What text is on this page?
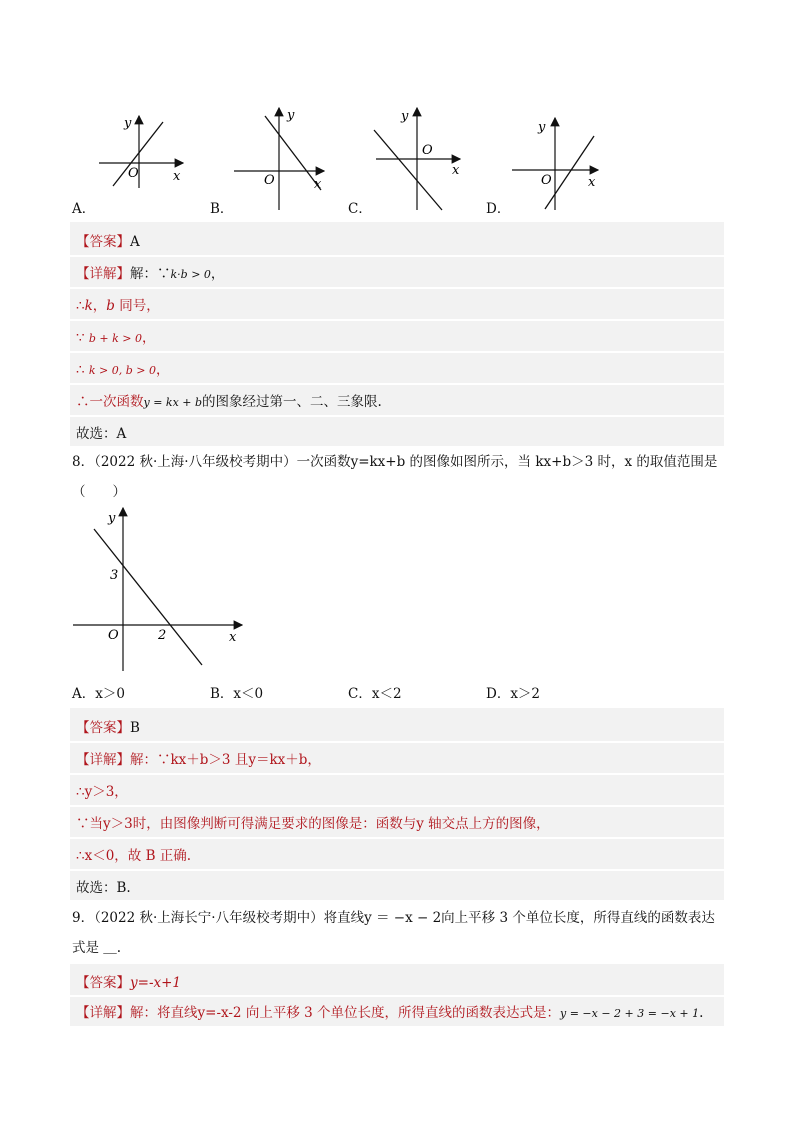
y
x
O
A．
y
x
O
B．
y
x
O
C．
y
x
O
D．
【答案】A
【详解】解：∵k·b > 0，
∴k，b 同号，
∵ b + k > 0，
∴ k > 0, b > 0，
∴一次函数y = kx + b的图象经过第一、二、三象限.
故选：A
8．（2022 秋·上海·八年级校考期中）一次函数y=kx+b 的图像如图所示，当 kx+b＞3 时，x 的取值范围是
（　　）
y
x
O
3
2
A．x＞0	B．x＜0	C．x＜2	D．x＞2
【答案】B
【详解】解：∵kx＋b＞3 且y＝kx＋b，
∴y＞3，
∵当y＞3时，由图像判断可得满足要求的图像是：函数与y 轴交点上方的图像，
∴x＜0，故 B 正确.
故选：B.
9．（2022 秋·上海长宁·八年级校考期中）将直线y ＝ −x − 2向上平移 3 个单位长度，所得直线的函数表达
式是 ＿.
【答案】y=-x+1
【详解】解：将直线y=-x-2 向上平移 3 个单位长度，所得直线的函数表达式是：y = −x − 2 + 3 = −x + 1.
